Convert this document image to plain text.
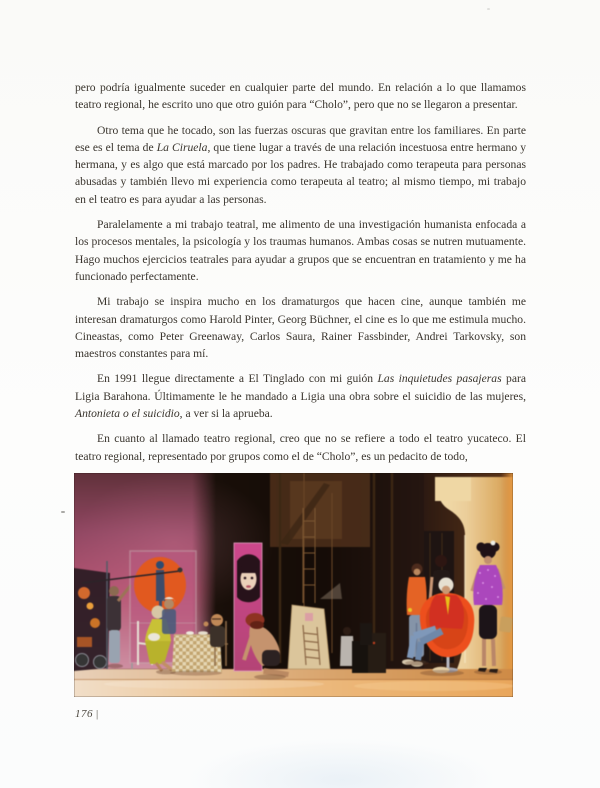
pero podría igualmente suceder en cualquier parte del mundo. En relación a lo que llamamos teatro regional, he escrito uno que otro guión para “Cholo”, pero que no se llegaron a presentar.

Otro tema que he tocado, son las fuerzas oscuras que gravitan entre los familiares. En parte ese es el tema de La Ciruela, que tiene lugar a través de una relación incestuosa entre hermano y hermana, y es algo que está marcado por los padres. He trabajado como terapeuta para personas abusadas y también llevo mi experiencia como terapeuta al teatro; al mismo tiempo, mi trabajo en el teatro es para ayudar a las personas.

Paralelamente a mi trabajo teatral, me alimento de una investigación humanista enfocada a los procesos mentales, la psicología y los traumas humanos. Ambas cosas se nutren mutuamente. Hago muchos ejercicios teatrales para ayudar a grupos que se encuentran en tratamiento y me ha funcionado perfectamente.

Mi trabajo se inspira mucho en los dramaturgos que hacen cine, aunque también me interesan dramaturgos como Harold Pinter, Georg Büchner, el cine es lo que me estimula mucho. Cineastas, como Peter Greenaway, Carlos Saura, Rainer Fassbinder, Andrei Tarkovsky, son maestros constantes para mí.

En 1991 llegue directamente a El Tinglado con mi guión Las inquietudes pasajeras para Ligia Barahona. Últimamente le he mandado a Ligia una obra sobre el suicidio de las mujeres, Antonieta o el suicidio, a ver si la aprueba.

En cuanto al llamado teatro regional, creo que no se refiere a todo el teatro yucateco. El teatro regional, representado por grupos como el de “Cholo”, es un pedacito de todo,

176 |
